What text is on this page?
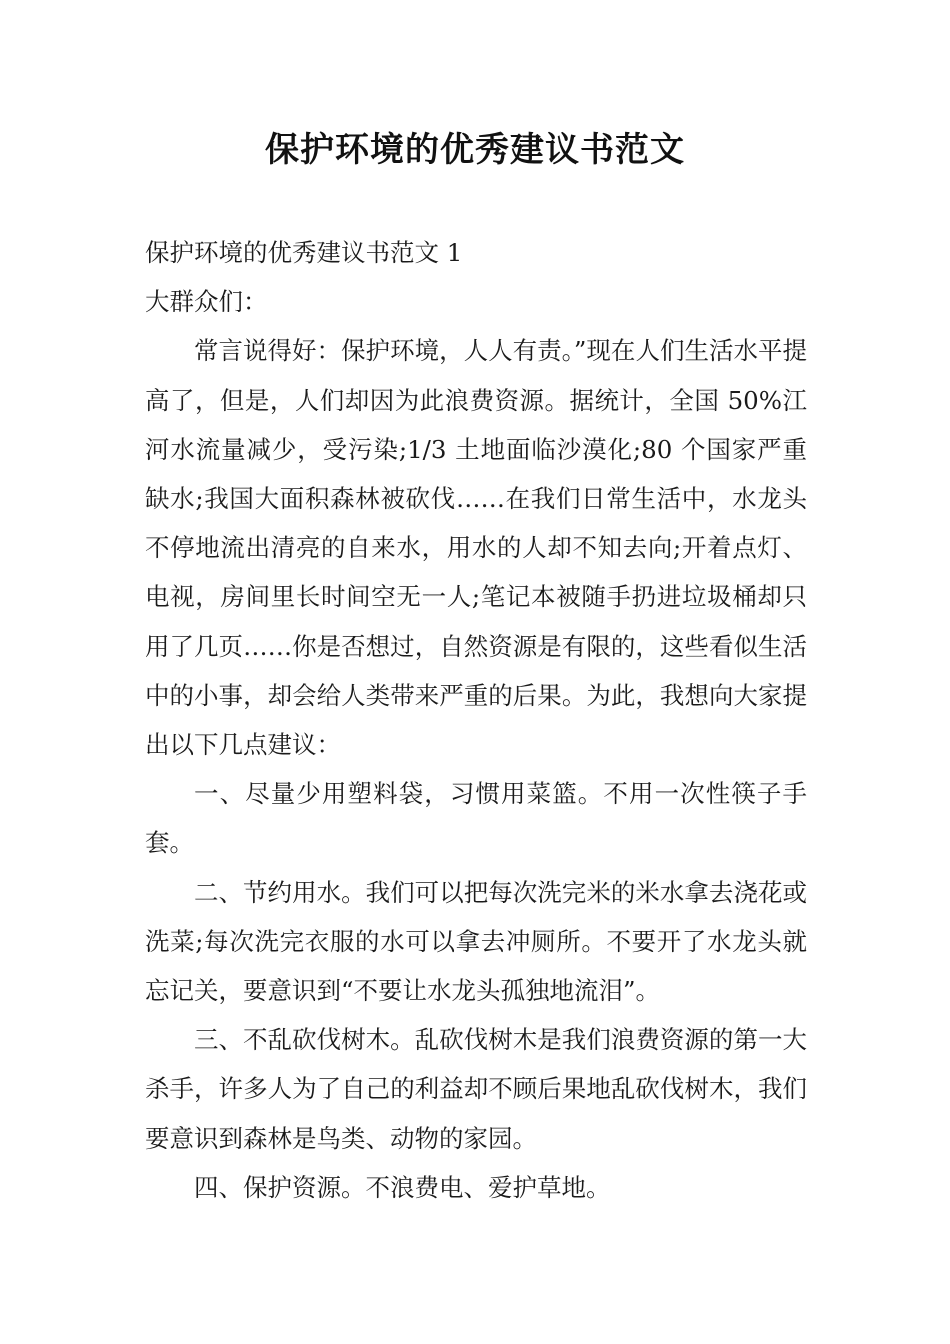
保护环境的优秀建议书范文

保护环境的优秀建议书范文 1

大群众们：

常言说得好：保护环境，人人有责。”现在人们生活水平提高了，但是，人们却因为此浪费资源。据统计，全国 50%江河水流量减少，受污染;1/3 土地面临沙漠化;80 个国家严重缺水;我国大面积森林被砍伐……在我们日常生活中，水龙头不停地流出清亮的自来水，用水的人却不知去向;开着点灯、电视，房间里长时间空无一人;笔记本被随手扔进垃圾桶却只用了几页……你是否想过，自然资源是有限的，这些看似生活中的小事，却会给人类带来严重的后果。为此，我想向大家提出以下几点建议：

一、尽量少用塑料袋，习惯用菜篮。不用一次性筷子手套。

二、节约用水。我们可以把每次洗完米的米水拿去浇花或洗菜;每次洗完衣服的水可以拿去冲厕所。不要开了水龙头就忘记关，要意识到“不要让水龙头孤独地流泪”。

三、不乱砍伐树木。乱砍伐树木是我们浪费资源的第一大杀手，许多人为了自己的利益却不顾后果地乱砍伐树木，我们要意识到森林是鸟类、动物的家园。

四、保护资源。不浪费电、爱护草地。
